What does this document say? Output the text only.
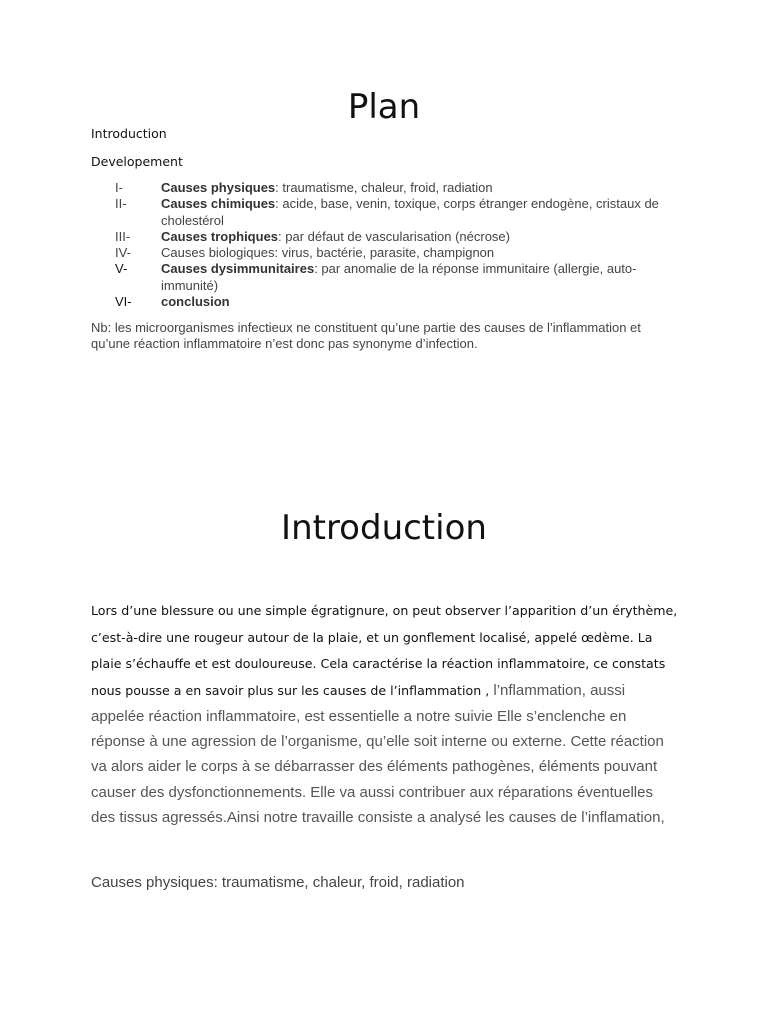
Plan
Introduction
Developement
I-	Causes physiques: traumatisme, chaleur, froid, radiation
II-	Causes chimiques: acide, base, venin, toxique, corps étranger endogène, cristaux de cholestérol
III-	Causes trophiques: par défaut de vascularisation (nécrose)
IV-	Causes biologiques: virus, bactérie, parasite, champignon
V-	Causes dysimmunitaires: par anomalie de la réponse immunitaire (allergie, auto-immunité)
VI-	conclusion
Nb: les microorganismes infectieux ne constituent qu’une partie des causes de l’inflammation et qu’une réaction inflammatoire n’est donc pas synonyme d’infection.
Introduction
Lors d’une blessure ou une simple égratignure, on peut observer l’apparition d’un érythème, c’est-à-dire une rougeur autour de la plaie, et un gonflement localisé, appelé œdème. La plaie s’échauffe et est douloureuse. Cela caractérise la réaction inflammatoire, ce constats nous pousse a en savoir plus sur les causes de l’inflammation , l’nflammation, aussi appelée réaction inflammatoire, est essentielle a notre suivie Elle s’enclenche en réponse à une agression de l’organisme, qu’elle soit interne ou externe. Cette réaction va alors aider le corps à se débarrasser des éléments pathogènes, éléments pouvant causer des dysfonctionnements. Elle va aussi contribuer aux réparations éventuelles des tissus agressés.Ainsi notre travaille consiste a analysé les causes de l’inflamation,
Causes physiques: traumatisme, chaleur, froid, radiation
